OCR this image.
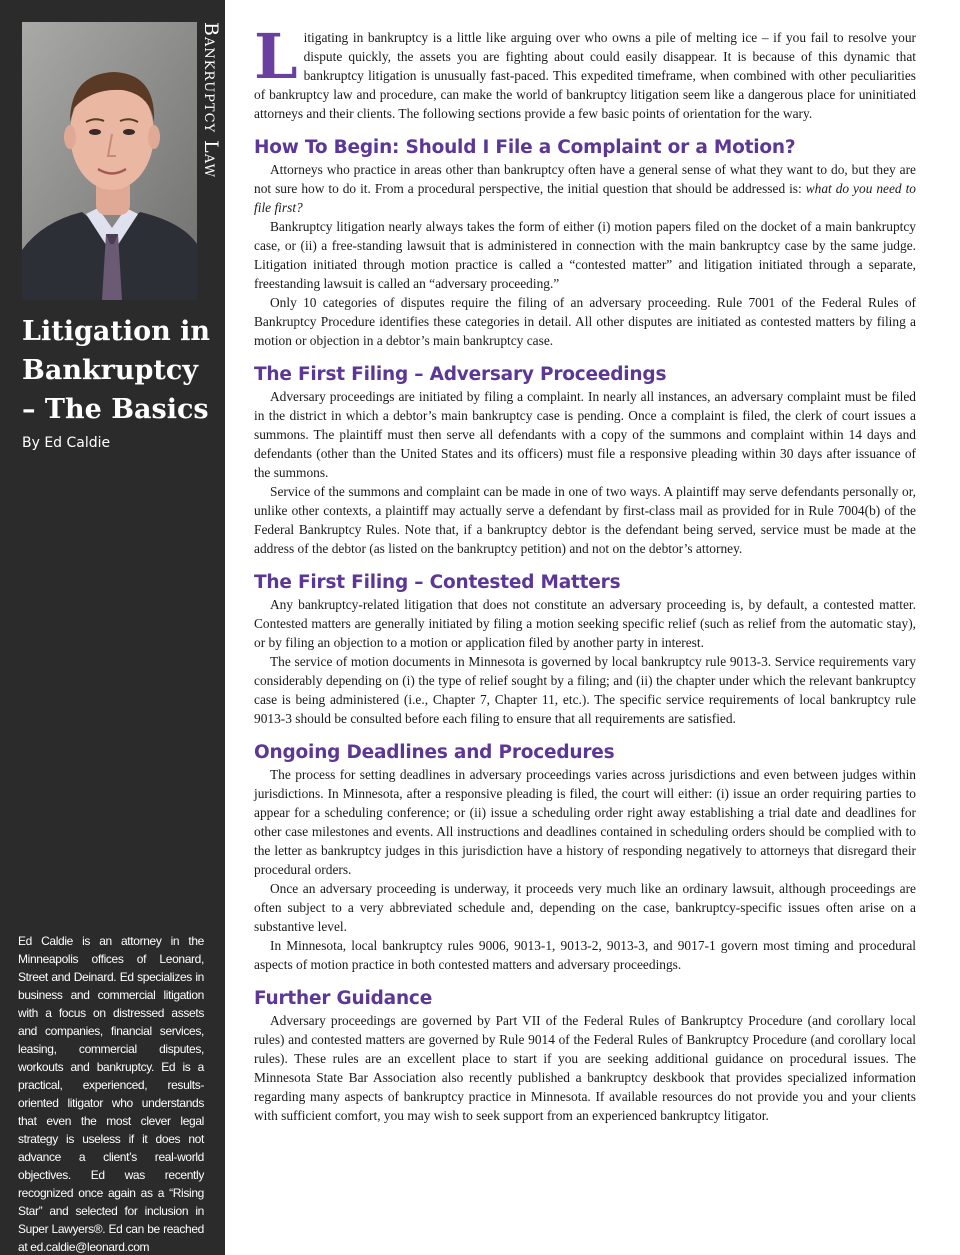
Bankruptcy Law
Litigation in Bankruptcy – The Basics
By Ed Caldie
Ed Caldie is an attorney in the Minneapolis offices of Leonard, Street and Deinard. Ed specializes in business and commercial litigation with a focus on distressed assets and companies, financial services, leasing, commercial disputes, workouts and bankruptcy. Ed is a practical, experienced, results-oriented litigator who understands that even the most clever legal strategy is useless if it does not advance a client’s real-world objectives. Ed was recently recognized once again as a “Rising Star” and selected for inclusion in Super Lawyers®. Ed can be reached at ed.caldie@leonard.com

Litigating in bankruptcy is a little like arguing over who owns a pile of melting ice – if you fail to resolve your dispute quickly, the assets you are fighting about could easily disappear. It is because of this dynamic that bankruptcy litigation is unusually fast-paced. This expedited timeframe, when combined with other peculiarities of bankruptcy law and procedure, can make the world of bankruptcy litigation seem like a dangerous place for uninitiated attorneys and their clients. The following sections provide a few basic points of orientation for the wary.

How To Begin: Should I File a Complaint or a Motion?

Attorneys who practice in areas other than bankruptcy often have a general sense of what they want to do, but they are not sure how to do it. From a procedural perspective, the initial question that should be addressed is: what do you need to file first?

Bankruptcy litigation nearly always takes the form of either (i) motion papers filed on the docket of a main bankruptcy case, or (ii) a free-standing lawsuit that is administered in connection with the main bankruptcy case by the same judge. Litigation initiated through motion practice is called a “contested matter” and litigation initiated through a separate, freestanding lawsuit is called an “adversary proceeding.”

Only 10 categories of disputes require the filing of an adversary proceeding. Rule 7001 of the Federal Rules of Bankruptcy Procedure identifies these categories in detail. All other disputes are initiated as contested matters by filing a motion or objection in a debtor’s main bankruptcy case.

The First Filing – Adversary Proceedings

Adversary proceedings are initiated by filing a complaint. In nearly all instances, an adversary complaint must be filed in the district in which a debtor’s main bankruptcy case is pending. Once a complaint is filed, the clerk of court issues a summons. The plaintiff must then serve all defendants with a copy of the summons and complaint within 14 days and defendants (other than the United States and its officers) must file a responsive pleading within 30 days after issuance of the summons.

Service of the summons and complaint can be made in one of two ways. A plaintiff may serve defendants personally or, unlike other contexts, a plaintiff may actually serve a defendant by first-class mail as provided for in Rule 7004(b) of the Federal Bankruptcy Rules. Note that, if a bankruptcy debtor is the defendant being served, service must be made at the address of the debtor (as listed on the bankruptcy petition) and not on the debtor’s attorney.

The First Filing – Contested Matters

Any bankruptcy-related litigation that does not constitute an adversary proceeding is, by default, a contested matter. Contested matters are generally initiated by filing a motion seeking specific relief (such as relief from the automatic stay), or by filing an objection to a motion or application filed by another party in interest.

The service of motion documents in Minnesota is governed by local bankruptcy rule 9013-3. Service requirements vary considerably depending on (i) the type of relief sought by a filing; and (ii) the chapter under which the relevant bankruptcy case is being administered (i.e., Chapter 7, Chapter 11, etc.). The specific service requirements of local bankruptcy rule 9013-3 should be consulted before each filing to ensure that all requirements are satisfied.

Ongoing Deadlines and Procedures

The process for setting deadlines in adversary proceedings varies across jurisdictions and even between judges within jurisdictions. In Minnesota, after a responsive pleading is filed, the court will either: (i) issue an order requiring parties to appear for a scheduling conference; or (ii) issue a scheduling order right away establishing a trial date and deadlines for other case milestones and events. All instructions and deadlines contained in scheduling orders should be complied with to the letter as bankruptcy judges in this jurisdiction have a history of responding negatively to attorneys that disregard their procedural orders.

Once an adversary proceeding is underway, it proceeds very much like an ordinary lawsuit, although proceedings are often subject to a very abbreviated schedule and, depending on the case, bankruptcy-specific issues often arise on a substantive level.

In Minnesota, local bankruptcy rules 9006, 9013-1, 9013-2, 9013-3, and 9017-1 govern most timing and procedural aspects of motion practice in both contested matters and adversary proceedings.

Further Guidance

Adversary proceedings are governed by Part VII of the Federal Rules of Bankruptcy Procedure (and corollary local rules) and contested matters are governed by Rule 9014 of the Federal Rules of Bankruptcy Procedure (and corollary local rules). These rules are an excellent place to start if you are seeking additional guidance on procedural issues. The Minnesota State Bar Association also recently published a bankruptcy deskbook that provides specialized information regarding many aspects of bankruptcy practice in Minnesota. If available resources do not provide you and your clients with sufficient comfort, you may wish to seek support from an experienced bankruptcy litigator.
